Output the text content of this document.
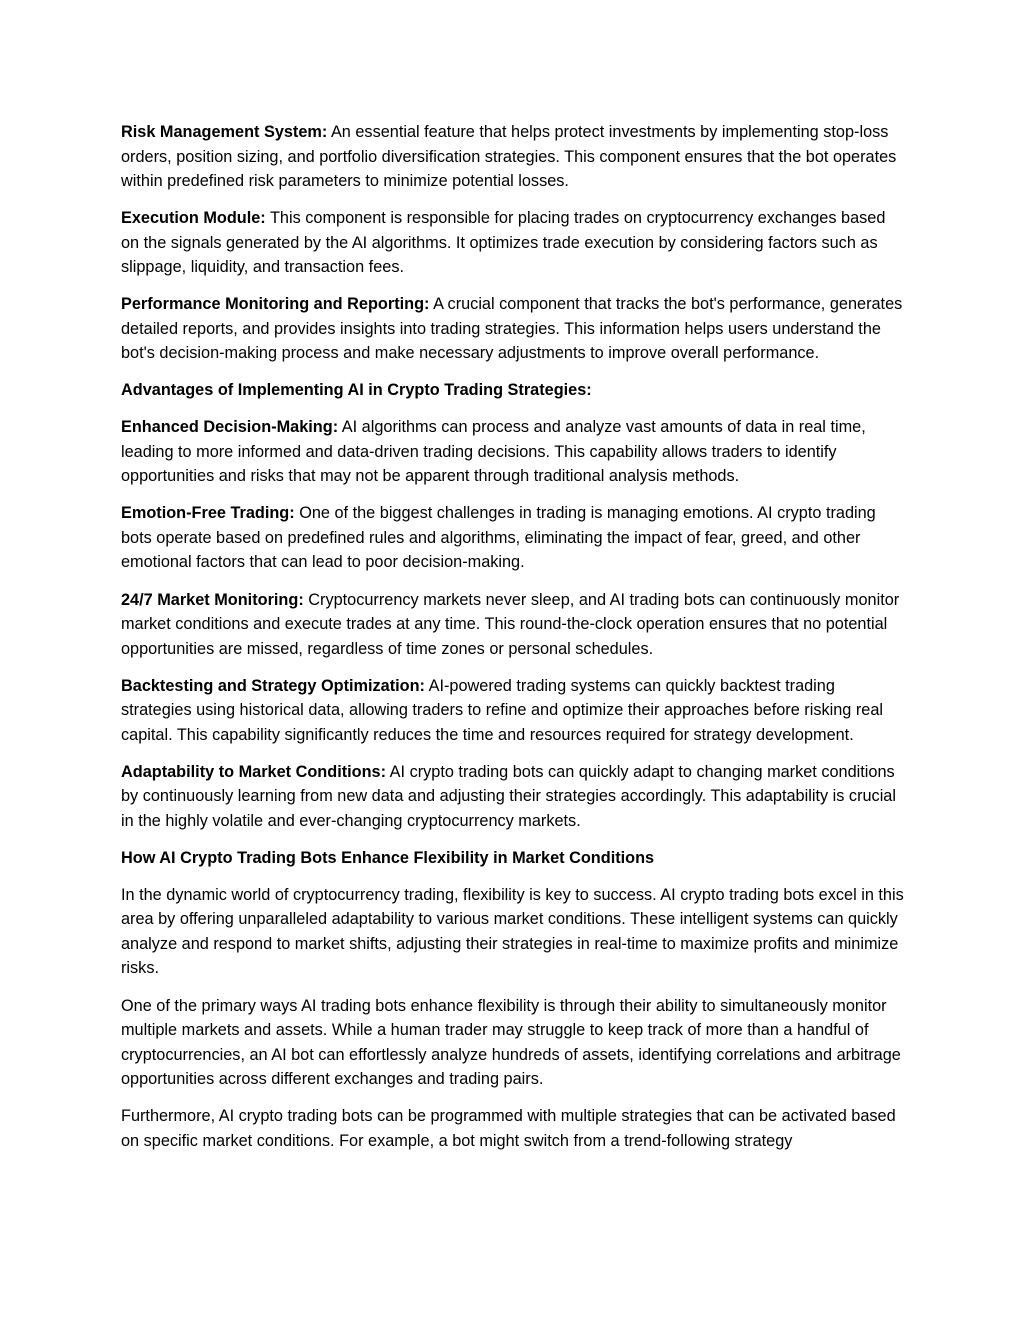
Risk Management System: An essential feature that helps protect investments by implementing stop-loss orders, position sizing, and portfolio diversification strategies. This component ensures that the bot operates within predefined risk parameters to minimize potential losses.

Execution Module: This component is responsible for placing trades on cryptocurrency exchanges based on the signals generated by the AI algorithms. It optimizes trade execution by considering factors such as slippage, liquidity, and transaction fees.

Performance Monitoring and Reporting: A crucial component that tracks the bot's performance, generates detailed reports, and provides insights into trading strategies. This information helps users understand the bot's decision-making process and make necessary adjustments to improve overall performance.

Advantages of Implementing AI in Crypto Trading Strategies:

Enhanced Decision-Making: AI algorithms can process and analyze vast amounts of data in real time, leading to more informed and data-driven trading decisions. This capability allows traders to identify opportunities and risks that may not be apparent through traditional analysis methods.

Emotion-Free Trading: One of the biggest challenges in trading is managing emotions. AI crypto trading bots operate based on predefined rules and algorithms, eliminating the impact of fear, greed, and other emotional factors that can lead to poor decision-making.

24/7 Market Monitoring: Cryptocurrency markets never sleep, and AI trading bots can continuously monitor market conditions and execute trades at any time. This round-the-clock operation ensures that no potential opportunities are missed, regardless of time zones or personal schedules.

Backtesting and Strategy Optimization: AI-powered trading systems can quickly backtest trading strategies using historical data, allowing traders to refine and optimize their approaches before risking real capital. This capability significantly reduces the time and resources required for strategy development.

Adaptability to Market Conditions: AI crypto trading bots can quickly adapt to changing market conditions by continuously learning from new data and adjusting their strategies accordingly. This adaptability is crucial in the highly volatile and ever-changing cryptocurrency markets.

How AI Crypto Trading Bots Enhance Flexibility in Market Conditions

In the dynamic world of cryptocurrency trading, flexibility is key to success. AI crypto trading bots excel in this area by offering unparalleled adaptability to various market conditions. These intelligent systems can quickly analyze and respond to market shifts, adjusting their strategies in real-time to maximize profits and minimize risks.

One of the primary ways AI trading bots enhance flexibility is through their ability to simultaneously monitor multiple markets and assets. While a human trader may struggle to keep track of more than a handful of cryptocurrencies, an AI bot can effortlessly analyze hundreds of assets, identifying correlations and arbitrage opportunities across different exchanges and trading pairs.

Furthermore, AI crypto trading bots can be programmed with multiple strategies that can be activated based on specific market conditions. For example, a bot might switch from a trend-following strategy
